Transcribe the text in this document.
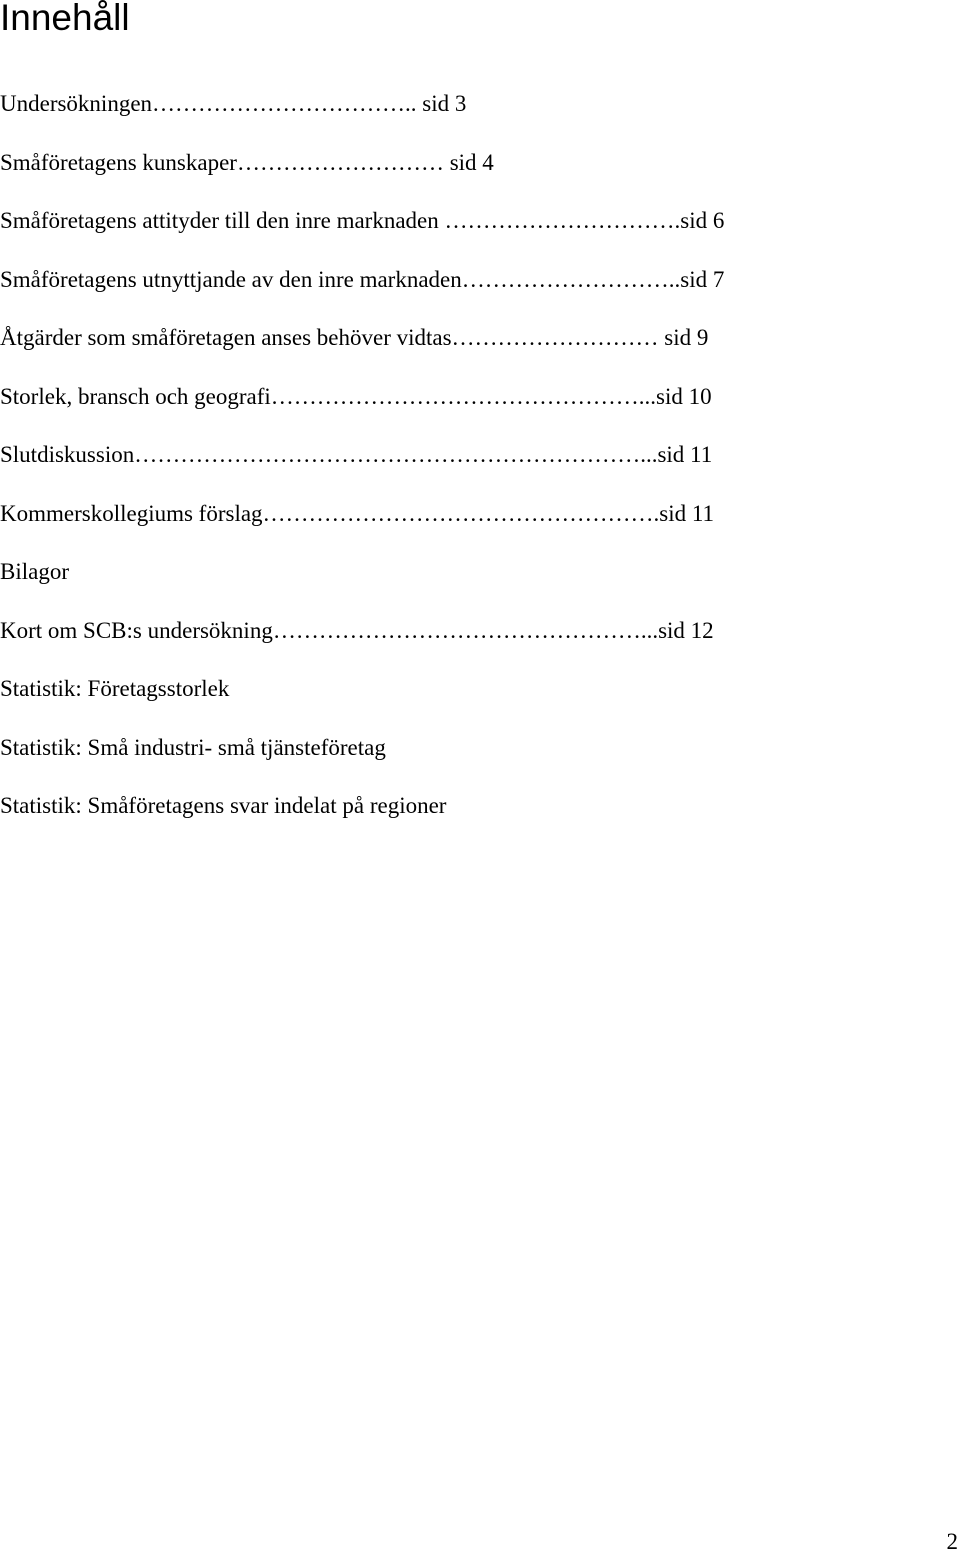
Innehåll
Undersökningen…………………………….. sid 3
Småföretagens kunskaper……………………… sid 4
Småföretagens attityder till den inre marknaden ………………………….sid 6
Småföretagens utnyttjande av den inre marknaden………………………..sid 7
Åtgärder som småföretagen anses behöver vidtas……………………… sid 9
Storlek, bransch och geografi…………………………………………...sid 10
Slutdiskussion…………………………………………………………...sid 11
Kommerskollegiums förslag…………………………………………….sid 11
Bilagor
Kort om SCB:s undersökning…………………………………………...sid 12
Statistik: Företagsstorlek
Statistik: Små industri- små tjänsteföretag
Statistik: Småföretagens svar indelat på regioner
2
